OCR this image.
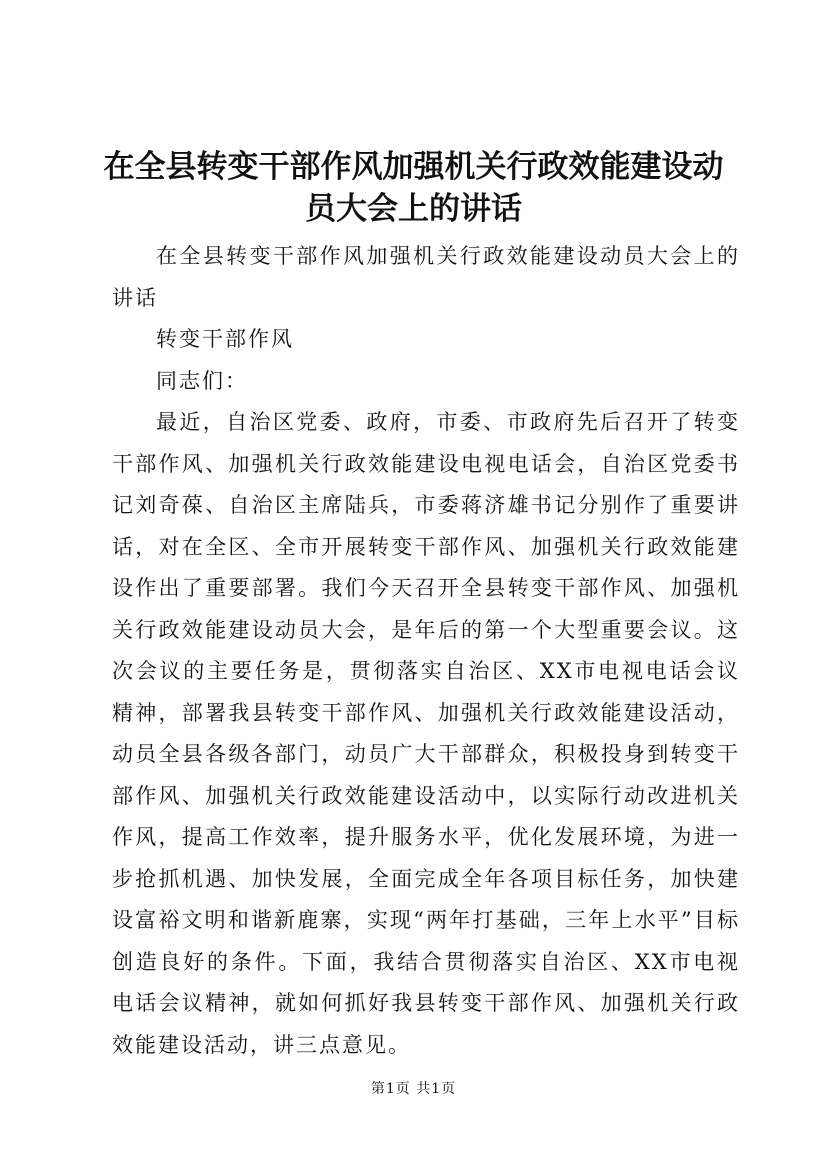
在全县转变干部作风加强机关行政效能建设动
员大会上的讲话

在全县转变干部作风加强机关行政效能建设动员大会上的讲话

转变干部作风

同志们：

最近，自治区党委、政府，市委、市政府先后召开了转变干部作风、加强机关行政效能建设电视电话会，自治区党委书记刘奇葆、自治区主席陆兵，市委蒋济雄书记分别作了重要讲话，对在全区、全市开展转变干部作风、加强机关行政效能建设作出了重要部署。我们今天召开全县转变干部作风、加强机关行政效能建设动员大会，是年后的第一个大型重要会议。这次会议的主要任务是，贯彻落实自治区、XX市电视电话会议精神，部署我县转变干部作风、加强机关行政效能建设活动，动员全县各级各部门，动员广大干部群众，积极投身到转变干部作风、加强机关行政效能建设活动中，以实际行动改进机关作风，提高工作效率，提升服务水平，优化发展环境，为进一步抢抓机遇、加快发展，全面完成全年各项目标任务，加快建设富裕文明和谐新鹿寨，实现“两年打基础，三年上水平”目标创造良好的条件。下面，我结合贯彻落实自治区、XX市电视电话会议精神，就如何抓好我县转变干部作风、加强机关行政效能建设活动，讲三点意见。

第1页 共1页
